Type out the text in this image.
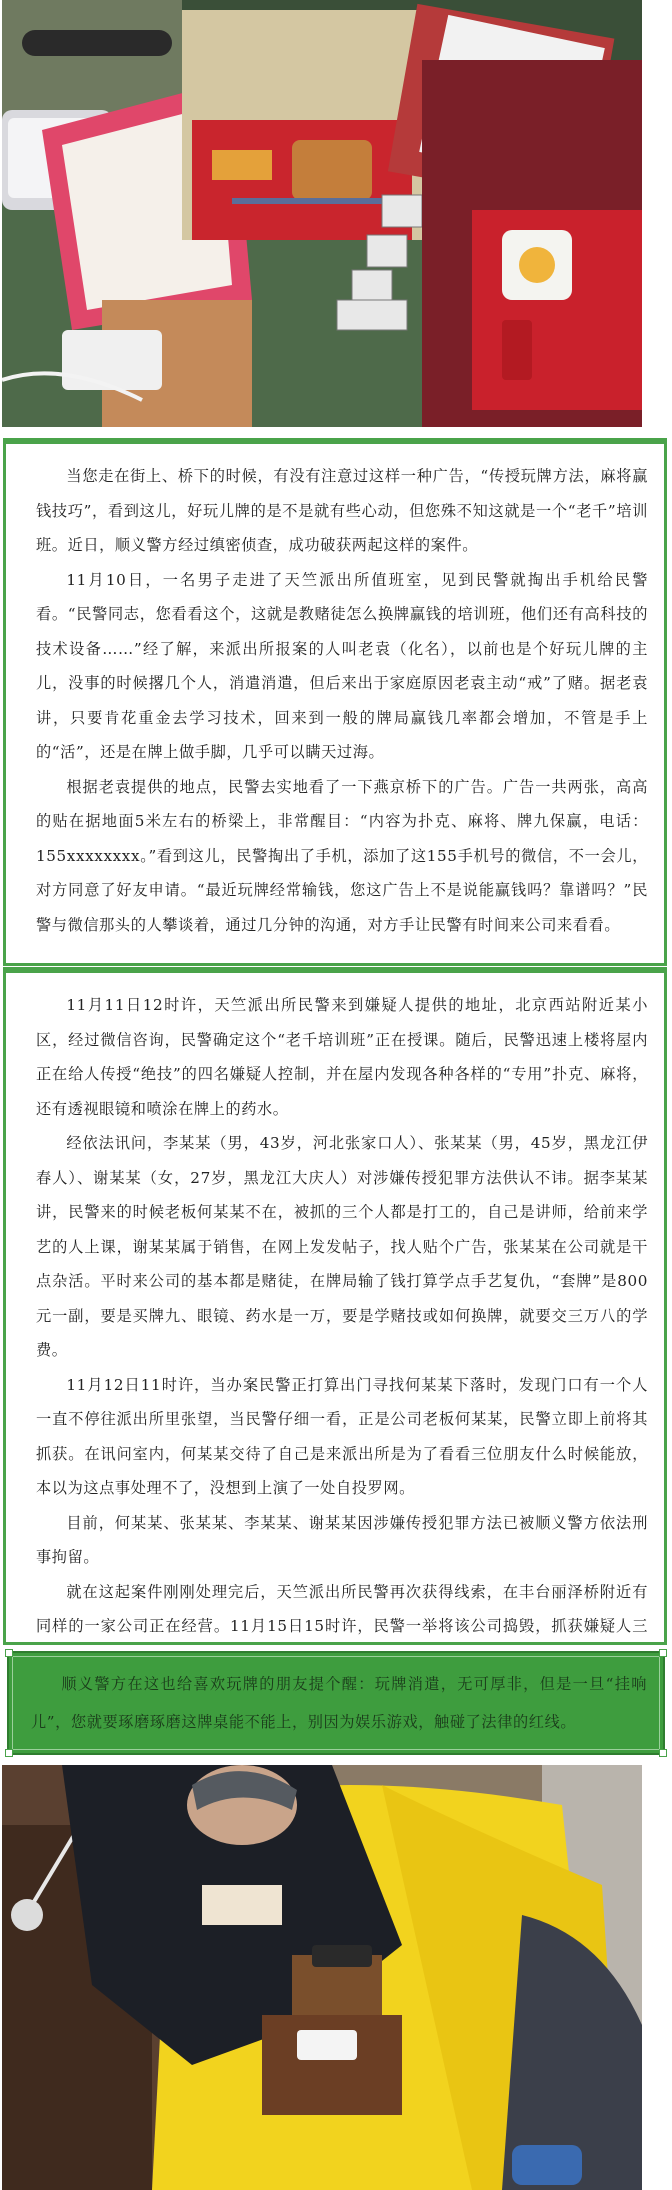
当您走在街上、桥下的时候，有没有注意过这样一种广告，“传授玩牌方法，麻将赢钱技巧”，看到这儿，好玩儿牌的是不是就有些心动，但您殊不知这就是一个“老千”培训班。近日，顺义警方经过缜密侦查，成功破获两起这样的案件。

11月10日，一名男子走进了天竺派出所值班室，见到民警就掏出手机给民警看。“民警同志，您看看这个，这就是教赌徒怎么换牌赢钱的培训班，他们还有高科技的技术设备……”经了解，来派出所报案的人叫老袁（化名），以前也是个好玩儿牌的主儿，没事的时候撂几个人，消遣消遣，但后来出于家庭原因老袁主动“戒”了赌。据老袁讲，只要肯花重金去学习技术，回来到一般的牌局赢钱几率都会增加，不管是手上的“活”，还是在牌上做手脚，几乎可以瞒天过海。

根据老袁提供的地点，民警去实地看了一下燕京桥下的广告。广告一共两张，高高的贴在据地面5米左右的桥梁上，非常醒目：“内容为扑克、麻将、牌九保赢，电话：155xxxxxxxx。”看到这儿，民警掏出了手机，添加了这155手机号的微信，不一会儿，对方同意了好友申请。“最近玩牌经常输钱，您这广告上不是说能赢钱吗？靠谱吗？”民警与微信那头的人攀谈着，通过几分钟的沟通，对方手让民警有时间来公司来看看。

11月11日12时许，天竺派出所民警来到嫌疑人提供的地址，北京西站附近某小区，经过微信咨询，民警确定这个“老千培训班”正在授课。随后，民警迅速上楼将屋内正在给人传授“绝技”的四名嫌疑人控制，并在屋内发现各种各样的“专用”扑克、麻将，还有透视眼镜和喷涂在牌上的药水。

经依法讯问，李某某（男，43岁，河北张家口人）、张某某（男，45岁，黑龙江伊春人）、谢某某（女，27岁，黑龙江大庆人）对涉嫌传授犯罪方法供认不讳。据李某某讲，民警来的时候老板何某某不在，被抓的三个人都是打工的，自己是讲师，给前来学艺的人上课，谢某某属于销售，在网上发发帖子，找人贴个广告，张某某在公司就是干点杂活。平时来公司的基本都是赌徒，在牌局输了钱打算学点手艺复仇，“套牌”是800元一副，要是买牌九、眼镜、药水是一万，要是学赌技或如何换牌，就要交三万八的学费。

11月12日11时许，当办案民警正打算出门寻找何某某下落时，发现门口有一个人一直不停往派出所里张望，当民警仔细一看，正是公司老板何某某，民警立即上前将其抓获。在讯问室内，何某某交待了自己是来派出所是为了看看三位朋友什么时候能放，本以为这点事处理不了，没想到上演了一处自投罗网。

目前，何某某、张某某、李某某、谢某某因涉嫌传授犯罪方法已被顺义警方依法刑事拘留。

就在这起案件刚刚处理完后，天竺派出所民警再次获得线索，在丰台丽泽桥附近有同样的一家公司正在经营。11月15日15时许，民警一举将该公司捣毁，抓获嫌疑人三

顺义警方在这也给喜欢玩牌的朋友提个醒：玩牌消遣，无可厚非，但是一旦“挂响儿”，您就要琢磨琢磨这牌桌能不能上，别因为娱乐游戏，触碰了法律的红线。
